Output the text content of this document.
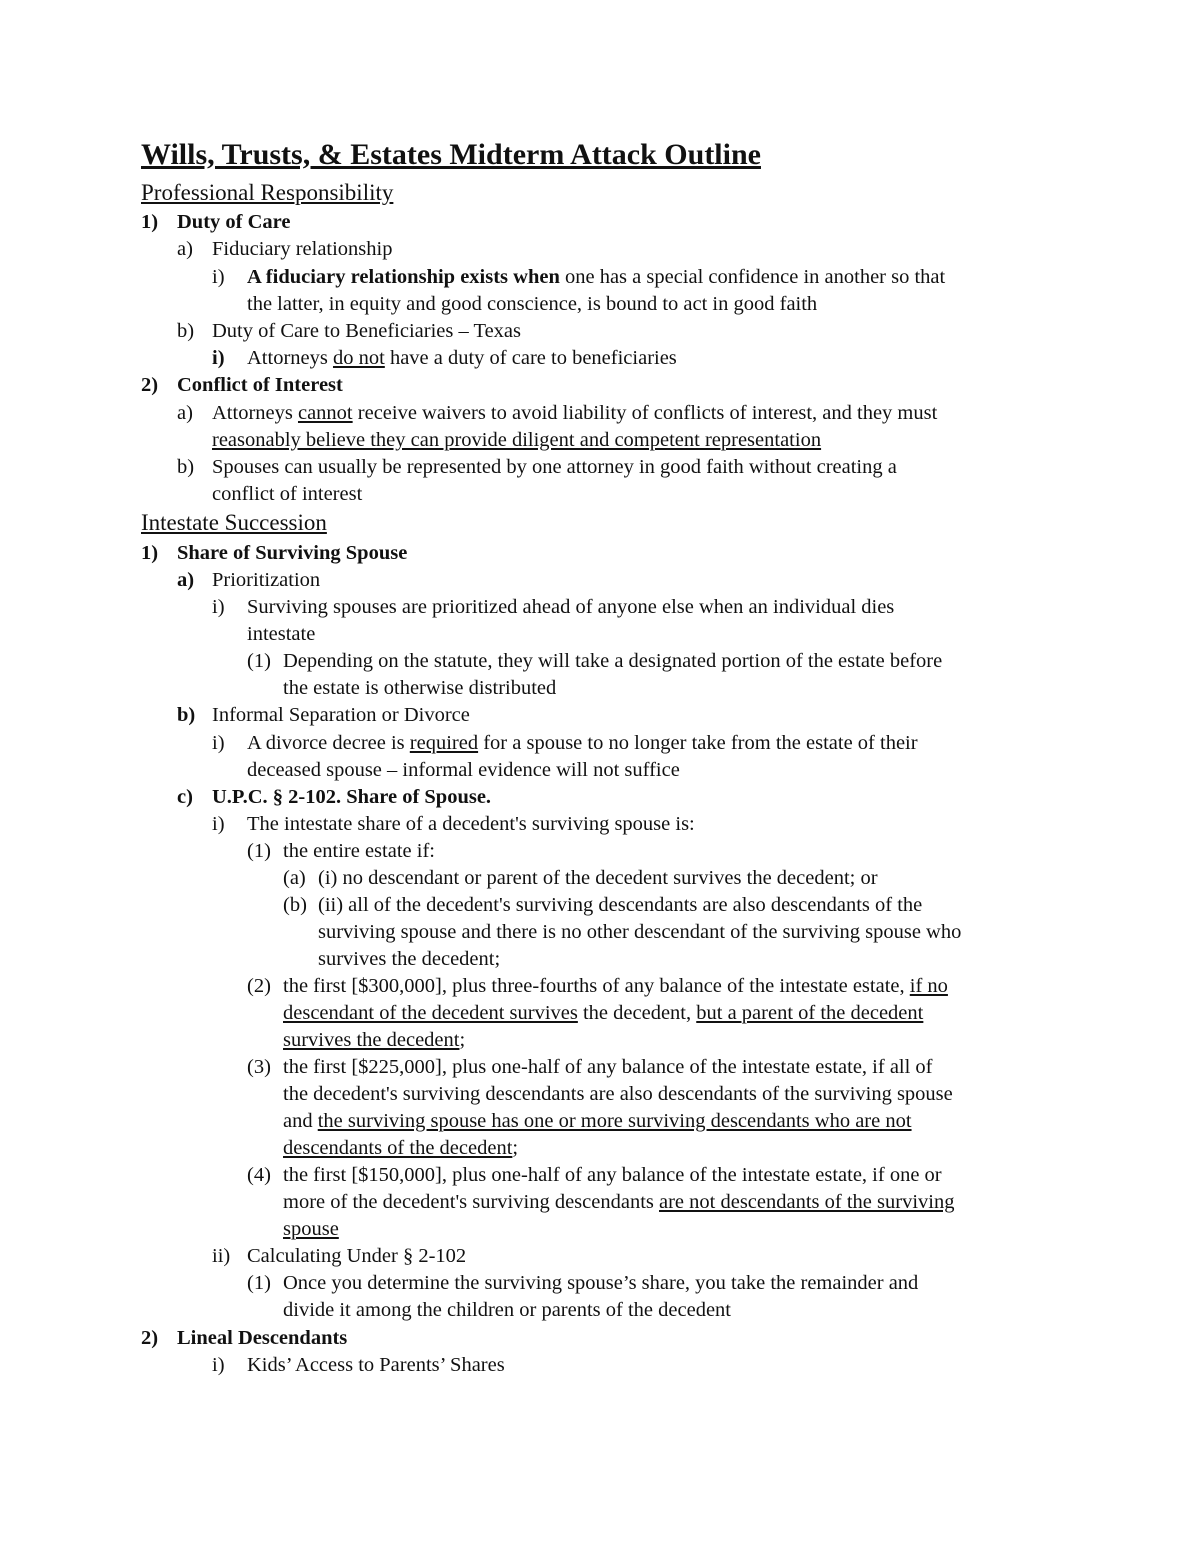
Wills, Trusts, & Estates Midterm Attack Outline
Professional Responsibility
1) Duty of Care
a) Fiduciary relationship
i) A fiduciary relationship exists when one has a special confidence in another so that
the latter, in equity and good conscience, is bound to act in good faith
b) Duty of Care to Beneficiaries – Texas
i) Attorneys do not have a duty of care to beneficiaries
2) Conflict of Interest
a) Attorneys cannot receive waivers to avoid liability of conflicts of interest, and they must
reasonably believe they can provide diligent and competent representation
b) Spouses can usually be represented by one attorney in good faith without creating a
conflict of interest
Intestate Succession
1) Share of Surviving Spouse
a) Prioritization
i) Surviving spouses are prioritized ahead of anyone else when an individual dies
intestate
(1) Depending on the statute, they will take a designated portion of the estate before
the estate is otherwise distributed
b) Informal Separation or Divorce
i) A divorce decree is required for a spouse to no longer take from the estate of their
deceased spouse – informal evidence will not suffice
c) U.P.C. § 2-102. Share of Spouse.
i) The intestate share of a decedent's surviving spouse is:
(1) the entire estate if:
(a) (i) no descendant or parent of the decedent survives the decedent; or
(b) (ii) all of the decedent's surviving descendants are also descendants of the
surviving spouse and there is no other descendant of the surviving spouse who
survives the decedent;
(2) the first [$300,000], plus three-fourths of any balance of the intestate estate, if no
descendant of the decedent survives the decedent, but a parent of the decedent
survives the decedent;
(3) the first [$225,000], plus one-half of any balance of the intestate estate, if all of
the decedent's surviving descendants are also descendants of the surviving spouse
and the surviving spouse has one or more surviving descendants who are not
descendants of the decedent;
(4) the first [$150,000], plus one-half of any balance of the intestate estate, if one or
more of the decedent's surviving descendants are not descendants of the surviving
spouse
ii) Calculating Under § 2-102
(1) Once you determine the surviving spouse’s share, you take the remainder and
divide it among the children or parents of the decedent
2) Lineal Descendants
i) Kids’ Access to Parents’ Shares
